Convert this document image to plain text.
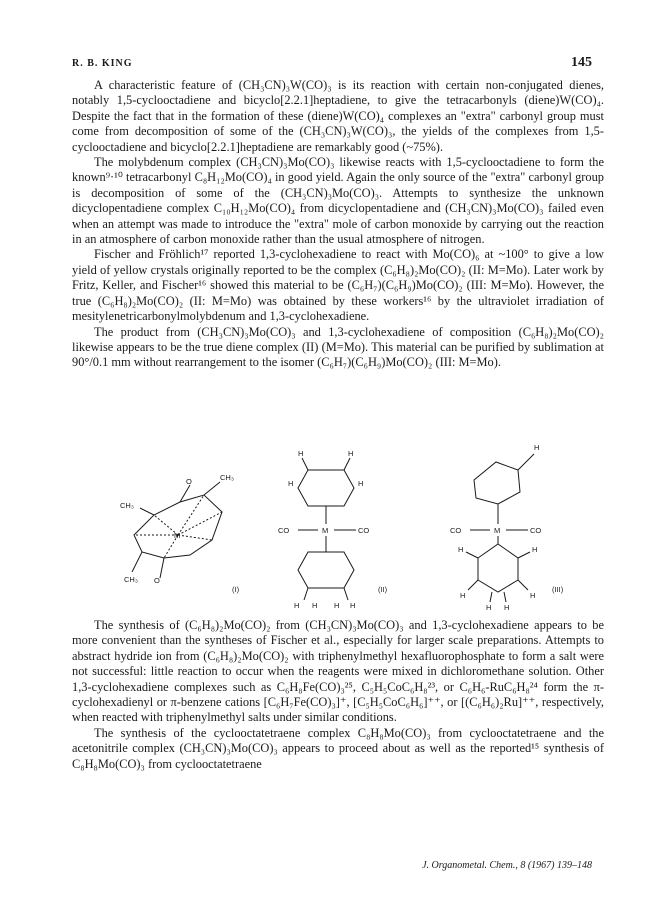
R. B. KING	145

A characteristic feature of (CH₃CN)₃W(CO)₃ is its reaction with certain non-conjugated dienes, notably 1,5-cyclooctadiene and bicyclo[2.2.1]heptadiene, to give the tetracarbonyls (diene)W(CO)₄. Despite the fact that in the formation of these (diene)W(CO)₄ complexes an "extra" carbonyl group must come from decomposition of some of the (CH₃CN)₃W(CO)₃, the yields of the complexes from 1,5-cyclooctadiene and bicyclo[2.2.1]heptadiene are remarkably good (~75%).

The molybdenum complex (CH₃CN)₃Mo(CO)₃ likewise reacts with 1,5-cyclooctadiene to form the known⁹·¹⁰ tetracarbonyl C₈H₁₂Mo(CO)₄ in good yield. Again the only source of the "extra" carbonyl group is decomposition of some of the (CH₃CN)₃Mo(CO)₃. Attempts to synthesize the unknown dicyclopentadiene complex C₁₀H₁₂Mo(CO)₄ from dicyclopentadiene and (CH₃CN)₃Mo(CO)₃ failed even when an attempt was made to introduce the "extra" mole of carbon monoxide by carrying out the reaction in an atmosphere of carbon monoxide rather than the usual atmosphere of nitrogen.

Fischer and Fröhlich¹⁷ reported 1,3-cyclohexadiene to react with Mo(CO)₆ at ~100° to give a low yield of yellow crystals originally reported to be the complex (C₆H₈)₂Mo(CO)₂ (II: M=Mo). Later work by Fritz, Keller, and Fischer¹⁶ showed this material to be (C₆H₇)(C₆H₉)Mo(CO)₂ (III: M=Mo). However, the true (C₆H₈)₂Mo(CO)₂ (II: M=Mo) was obtained by these workers¹⁶ by the ultraviolet irradiation of mesitylenetricarbonylmolybdenum and 1,3-cyclohexadiene.

The product from (CH₃CN)₃Mo(CO)₃ and 1,3-cyclohexadiene of composition (C₆H₈)₂Mo(CO)₂ likewise appears to be the true diene complex (II) (M=Mo). This material can be purified by sublimation at 90°/0.1 mm without rearrangement to the isomer (C₆H₇)(C₆H₉)Mo(CO)₂ (III: M=Mo).

CH₃
CH₃
O
M
O
CH₃
(I)
H	H
H	H
CO	M	CO
H H H H
(II)
H
CO	M	CO
H	H
H	H
H H
(III)

The synthesis of (C₆H₈)₂Mo(CO)₂ from (CH₃CN)₃Mo(CO)₃ and 1,3-cyclohexadiene appears to be more convenient than the syntheses of Fischer et al., especially for larger scale preparations. Attempts to abstract hydride ion from (C₆H₈)₂Mo(CO)₂ with triphenylmethyl hexafluorophosphate to form a salt were not successful: little reaction to occur when the reagents were mixed in dichloromethane solution. Other 1,3-cyclohexadiene complexes such as C₆H₈Fe(CO)₃²⁵, C₅H₅CoC₆H₈²³, or C₆H₆-RuC₆H₈²⁴ form the π-cyclohexadienyl or π-benzene cations [C₆H₇Fe(CO)₃]⁺, [C₅H₅CoC₆H₆]⁺⁺, or [(C₆H₆)₂Ru]⁺⁺, respectively, when reacted with triphenylmethyl salts under similar conditions.

The synthesis of the cyclooctatetraene complex C₈H₈Mo(CO)₃ from cyclooctatetraene and the acetonitrile complex (CH₃CN)₃Mo(CO)₃ appears to proceed about as well as the reported¹⁵ synthesis of C₈H₈Mo(CO)₃ from cyclooctatetraene

J. Organometal. Chem., 8 (1967) 139–148
